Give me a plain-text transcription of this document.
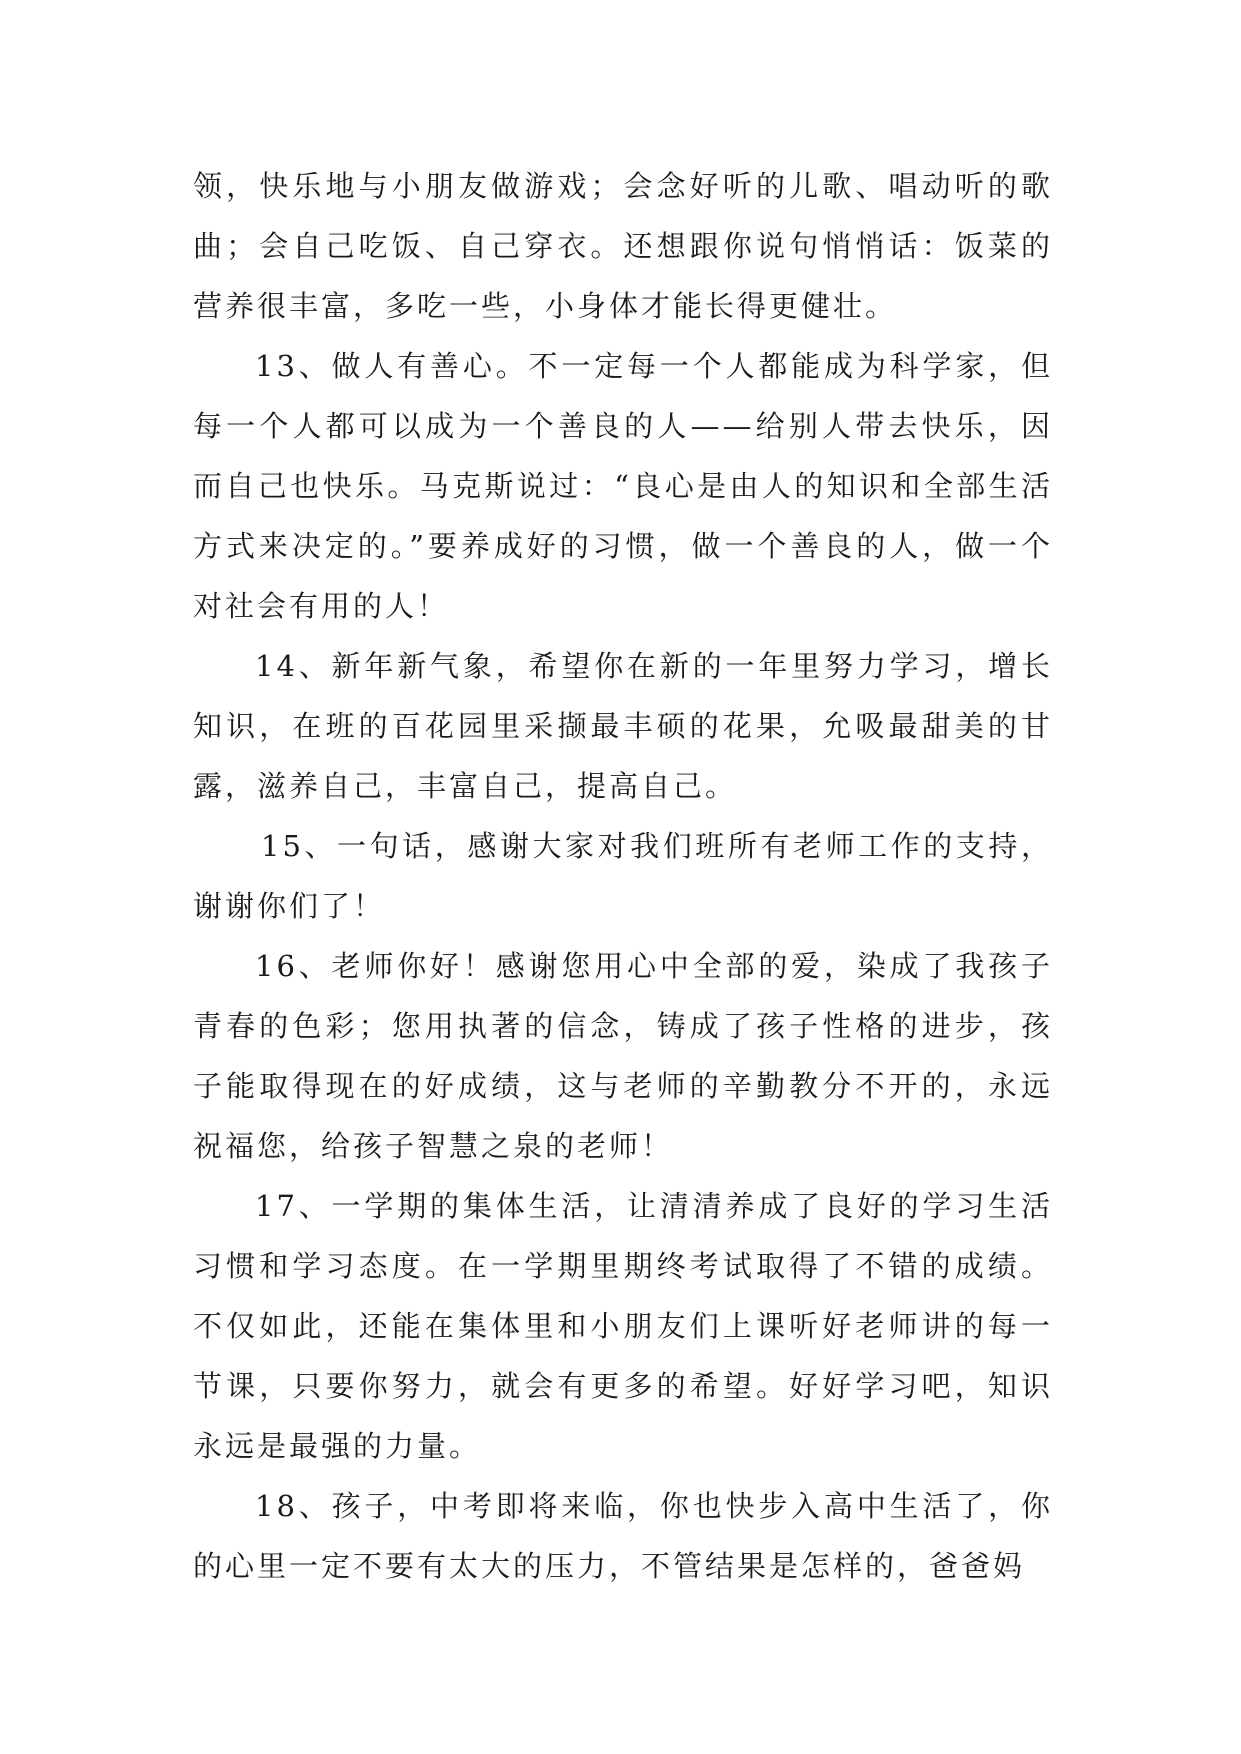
领，快乐地与小朋友做游戏；会念好听的儿歌、唱动听的歌曲；会自己吃饭、自己穿衣。还想跟你说句悄悄话：饭菜的营养很丰富，多吃一些，小身体才能长得更健壮。

13、做人有善心。不一定每一个人都能成为科学家，但每一个人都可以成为一个善良的人——给别人带去快乐，因而自己也快乐。马克斯说过：“良心是由人的知识和全部生活方式来决定的。”要养成好的习惯，做一个善良的人，做一个对社会有用的人！

14、新年新气象，希望你在新的一年里努力学习，增长知识，在班的百花园里采撷最丰硕的花果，允吸最甜美的甘露，滋养自己，丰富自己，提高自己。

15、一句话，感谢大家对我们班所有老师工作的支持，谢谢你们了！

16、老师你好！感谢您用心中全部的爱，染成了我孩子青春的色彩；您用执著的信念，铸成了孩子性格的进步，孩子能取得现在的好成绩，这与老师的辛勤教分不开的，永远祝福您，给孩子智慧之泉的老师！

17、一学期的集体生活，让清清养成了良好的学习生活习惯和学习态度。在一学期里期终考试取得了不错的成绩。不仅如此，还能在集体里和小朋友们上课听好老师讲的每一节课，只要你努力，就会有更多的希望。好好学习吧，知识永远是最强的力量。

18、孩子，中考即将来临，你也快步入高中生活了，你的心里一定不要有太大的压力，不管结果是怎样的，爸爸妈
